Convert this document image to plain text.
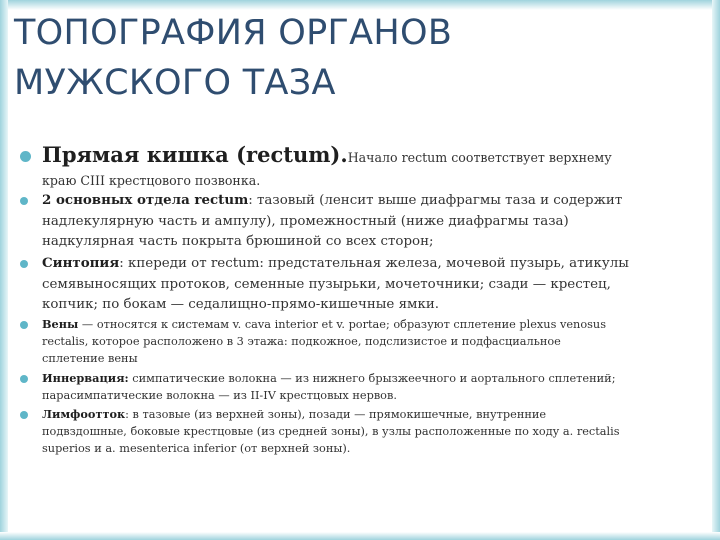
ТОПОГРАФИЯ ОРГАНОВ
МУЖСКОГО ТАЗА
Прямая кишка (rectum).Начало rectum соответствует верхнему
краю CIII крестцового позвонка.
2 основных отдела rectum: тазовый (ленсит выше диафрагмы таза и содержит
надлекулярную часть и ампулу), промежностный (ниже диафрагмы таза)
надкулярная часть покрыта брюшиной со всех сторон;
Синтопия: кпереди от rectum: предстательная железа, мочевой пузырь, атикулы
семявыносящих протоков, семенные пузырьки, мочеточники; сзади — крестец,
копчик; по бокам — седалищно-прямо-кишечные ямки.
Вены — относятся к системам v. cava interior et v. portae; образуют сплетение plexus venosus
rectalis, которое расположено в 3 этажа: подкожное, подслизистое и подфасциальное
сплетение вены
Иннервация: симпатические волокна — из нижнего брызжеечного и аортального сплетений;
парасимпатические волокна — из II-IV крестцовых нервов.
Лимфоотток: в тазовые (из верхней зоны), позади — прямокишечные, внутренние
подвздошные, боковые крестцовые (из средней зоны), в узлы расположенные по ходу a. rectalis
superios и a. mesenterica inferior (от верхней зоны).
